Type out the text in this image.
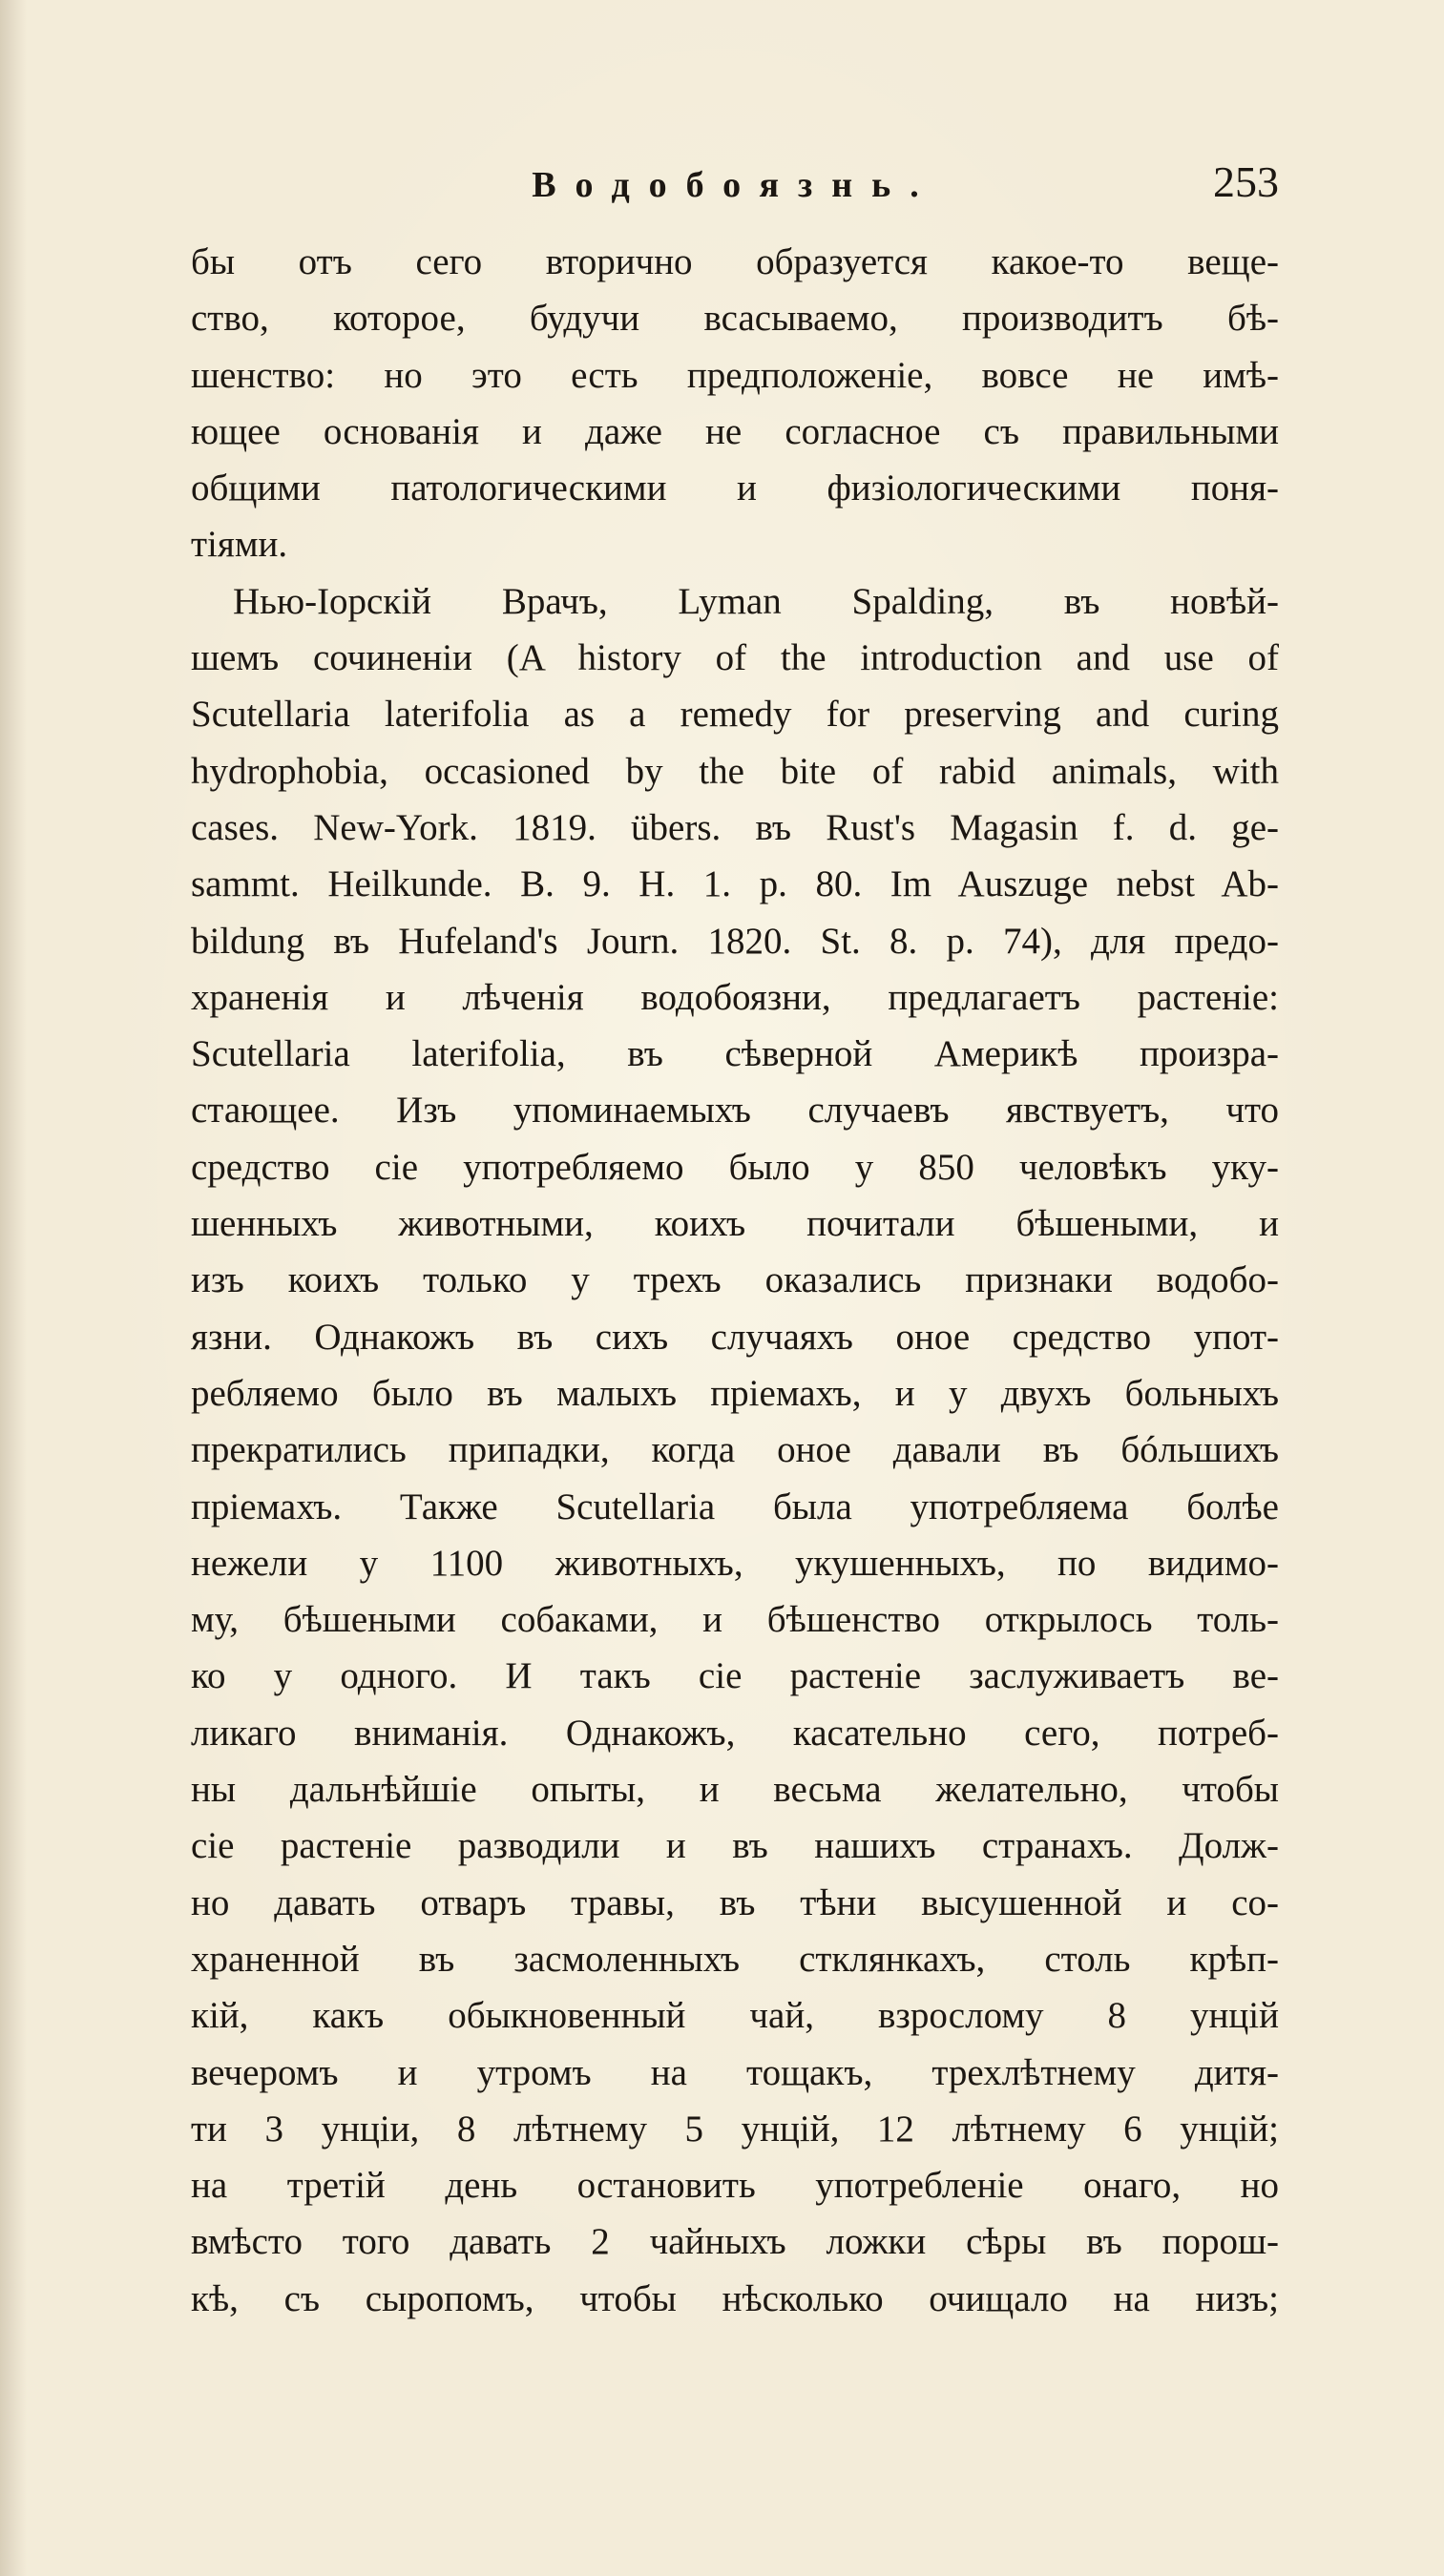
Водобоязнь.	253
бы отъ сего вторично образуется какое-то веще-
ство, которое, будучи всасываемо, производитъ бѣ-
шенство: но это есть предположеніе, вовсе не имѣ-
ющее основанія и даже не согласное съ правильными
общими патологическими и физіологическими поня-
тіями.
Нью-Іорскій Врачъ, Lyman Spalding, въ новѣй-
шемъ сочиненіи (A history of the introduction and use of
Scutellaria laterifolia as a remedy for preserving and curing
hydrophobia, occasioned by the bite of rabid animals, with
cases. New-York. 1819. übers. въ Rust's Magasin f. d. ge-
sammt. Heilkunde. B. 9. H. 1. p. 80. Im Auszuge nebst Ab-
bildung въ Hufeland's Journ. 1820. St. 8. p. 74), для предо-
храненія и лѣченія водобоязни, предлагаетъ растеніе:
Scutellaria laterifolia, въ сѣверной Америкѣ произра-
стающее. Изъ упоминаемыхъ случаевъ явствуетъ, что
средство сіе употребляемо было у 850 человѣкъ уку-
шенныхъ животными, коихъ почитали бѣшеными, и
изъ коихъ только у трехъ оказались признаки водобо-
язни. Однакожъ въ сихъ случаяхъ оное средство упот-
ребляемо было въ малыхъ пріемахъ, и у двухъ больныхъ
прекратились припадки, когда оное давали въ бóльшихъ
пріемахъ. Также Scutellaria была употребляема болѣе
нежели у 1100 животныхъ, укушенныхъ, по видимо-
му, бѣшеными собаками, и бѣшенство открылось толь-
ко у одного. И такъ сіе растеніе заслуживаетъ ве-
ликаго вниманія. Однакожъ, касательно сего, потреб-
ны дальнѣйшіе опыты, и весьма желательно, чтобы
сіе растеніе разводили и въ нашихъ странахъ. Долж-
но давать отваръ травы, въ тѣни высушенной и со-
храненной въ засмоленныхъ стклянкахъ, столь крѣп-
кій, какъ обыкновенный чай, взрослому 8 унцій
вечеромъ и утромъ на тощакъ, трехлѣтнему дитя-
ти 3 унціи, 8 лѣтнему 5 унцій, 12 лѣтнему 6 унцій;
на третій день остановить употребленіе онаго, но
вмѣсто того давать 2 чайныхъ ложки сѣры въ порош-
кѣ, съ сыропомъ, чтобы нѣсколько очищало на низъ;
